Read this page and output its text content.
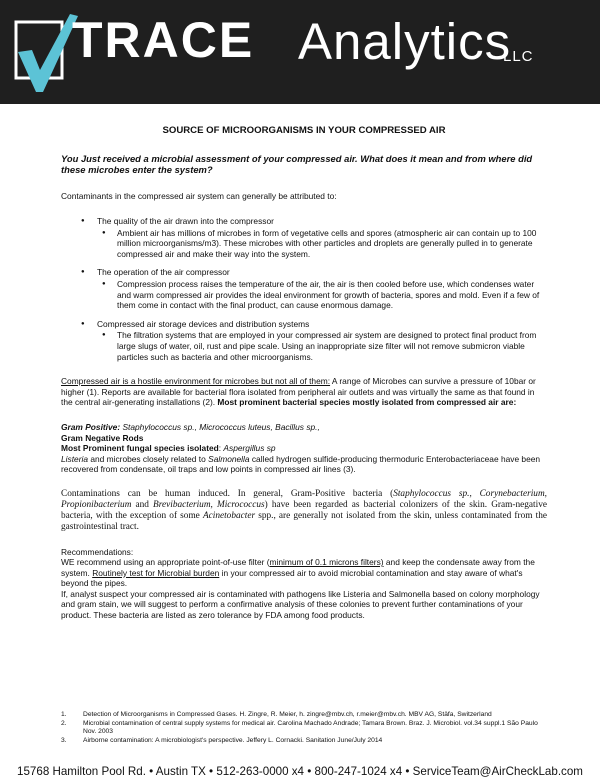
TRACE Analytics
LLC
SOURCE OF MICROORGANISMS IN YOUR COMPRESSED AIR
You Just received a microbial assessment of your compressed air. What does it mean and from where did these microbes enter the system?

Contaminants in the compressed air system can generally be attributed to:

● The quality of the air drawn into the compressor
● Ambient air has millions of microbes in form of vegetative cells and spores (atmospheric air can contain up to 100 million microorganisms/m3). These microbes with other particles and droplets are generally pulled in to generate compressed air and make their way into the system.
● The operation of the air compressor
● Compression process raises the temperature of the air, the air is then cooled before use, which condenses water and warm compressed air provides the ideal environment for growth of bacteria, spores and mold. Even if a few of them come in contact with the final product, can cause enormous damage.
● Compressed air storage devices and distribution systems
● The filtration systems that are employed in your compressed air system are designed to protect final product from large slugs of water, oil, rust and pipe scale. Using an inappropriate size filter will not remove submicron viable particles such as bacteria and other microorganisms.

Compressed air is a hostile environment for microbes but not all of them: A range of Microbes can survive a pressure of 10bar or higher (1). Reports are available for bacterial flora isolated from peripheral air outlets and was virtually the same as that found in the central air-generating installations (2). Most prominent bacterial species mostly isolated from compressed air are:

Gram Positive: Staphylococcus sp., Micrococcus luteus, Bacillus sp.,

Gram Negative Rods

Most Prominent fungal species isolated: Aspergillus sp

Listeria and microbes closely related to Salmonella called hydrogen sulfide-producing thermoduric Enterobacteriaceae have been recovered from condensate, oil traps and low points in compressed air lines (3).

Contaminations can be human induced. In general, Gram-Positive bacteria (Staphylococcus sp., Corynebacterium, Propionibacterium and Brevibacterium, Micrococcus) have been regarded as bacterial colonizers of the skin. Gram-negative bacteria, with the exception of some Acinetobacter spp., are generally not isolated from the skin, unless contaminated from the gastrointestinal tract.

Recommendations:

WE recommend using an appropriate point-of-use filter (minimum of 0.1 microns filters) and keep the condensate away from the system. Routinely test for Microbial burden in your compressed air to avoid microbial contamination and stay aware of what's beyond the pipes.

If, analyst suspect your compressed air is contaminated with pathogens like Listeria and Salmonella based on colony morphology and gram stain, we will suggest to perform a confirmative analysis of these colonies to prevent further contaminations of your product. These bacteria are listed as zero tolerance by FDA among food products.

1. Detection of Microorganisms in Compressed Gases. H. Zingre, R. Meier, h. zingre@mbv.ch, r.meier@mbv.ch. MBV AG, Stäfa, Switzerland
2. Microbial contamination of central supply systems for medical air. Carolina Machado Andrade; Tamara Brown. Braz. J. Microbiol. vol.34 suppl.1 São Paulo Nov. 2003
3. Airborne contamination: A microbiologist's perspective. Jeffery L. Cornacki. Sanitation June/July 2014
15768 Hamilton Pool Rd. • Austin TX • 512-263-0000 x4 • 800-247-1024 x4 • ServiceTeam@AirCheckLab.com
